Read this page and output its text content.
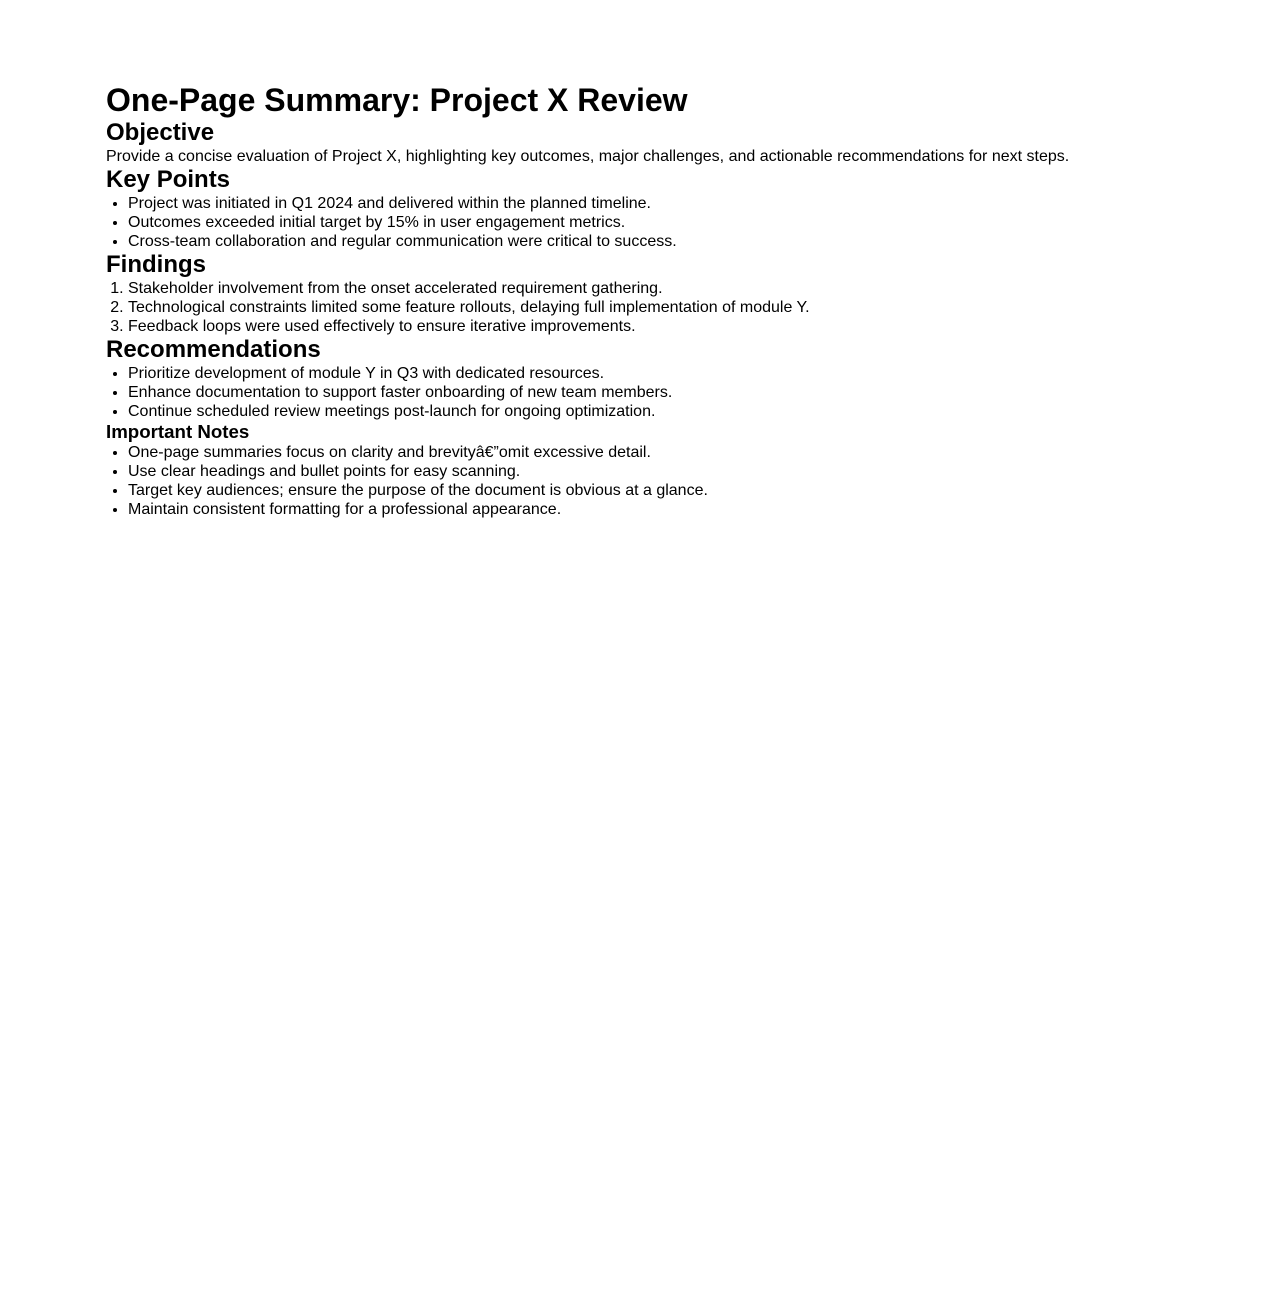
One-Page Summary: Project X Review
Objective

Provide a concise evaluation of Project X, highlighting key outcomes, major challenges, and actionable recommendations for next steps.

Key Points
• Project was initiated in Q1 2024 and delivered within the planned timeline.
• Outcomes exceeded initial target by 15% in user engagement metrics.
• Cross-team collaboration and regular communication were critical to success.
Findings
1. Stakeholder involvement from the onset accelerated requirement gathering.
2. Technological constraints limited some feature rollouts, delaying full implementation of module Y.
3. Feedback loops were used effectively to ensure iterative improvements.
Recommendations
• Prioritize development of module Y in Q3 with dedicated resources.
• Enhance documentation to support faster onboarding of new team members.
• Continue scheduled review meetings post-launch for ongoing optimization.
Important Notes
• One-page summaries focus on clarity and brevityâ€”omit excessive detail.
• Use clear headings and bullet points for easy scanning.
• Target key audiences; ensure the purpose of the document is obvious at a glance.
• Maintain consistent formatting for a professional appearance.
